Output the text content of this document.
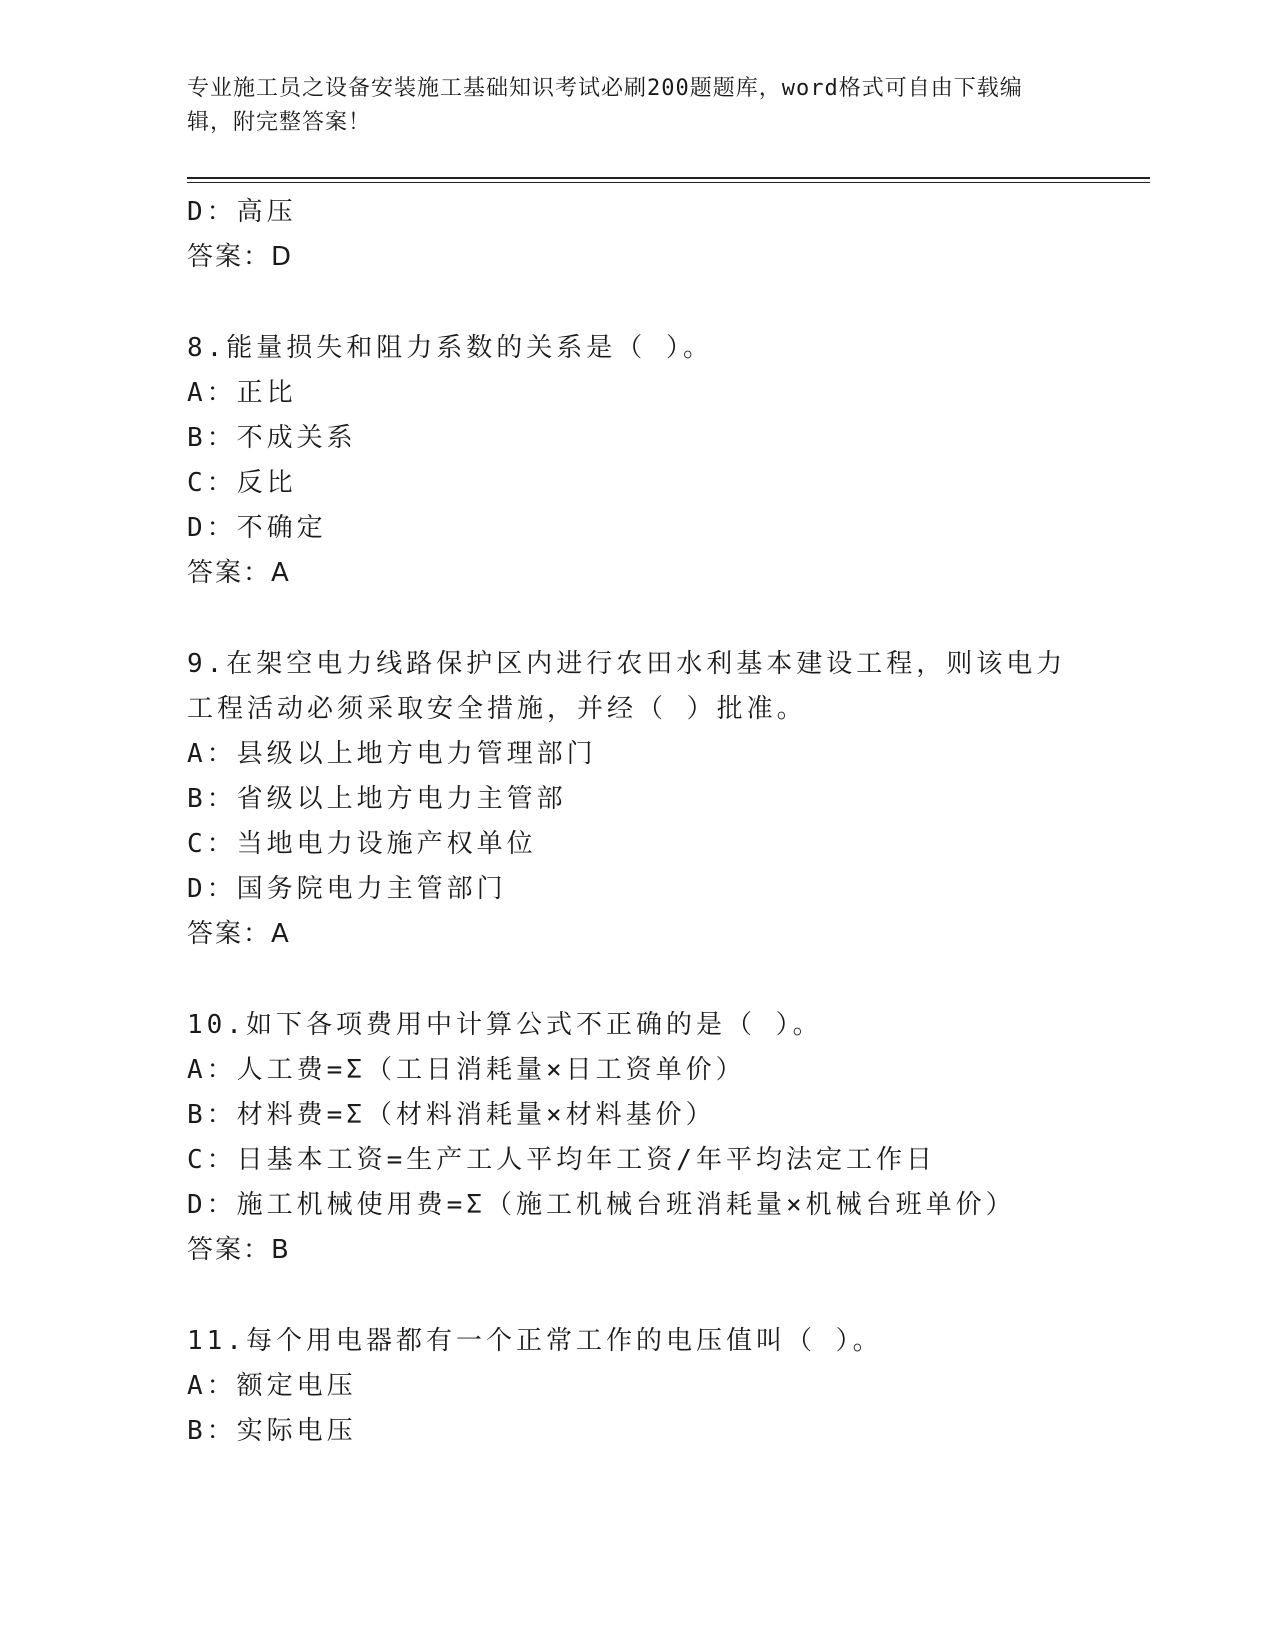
专业施工员之设备安装施工基础知识考试必刷200题题库，word格式可自由下载编辑，附完整答案！
D：高压
答案：D
8.能量损失和阻力系数的关系是（ ）。
A：正比
B：不成关系
C：反比
D：不确定
答案：A
9.在架空电力线路保护区内进行农田水利基本建设工程，则该电力工程活动必须采取安全措施，并经（ ）批准。
A：县级以上地方电力管理部门
B：省级以上地方电力主管部
C：当地电力设施产权单位
D：国务院电力主管部门
答案：A
10.如下各项费用中计算公式不正确的是（ ）。
A：人工费=Σ（工日消耗量×日工资单价）
B：材料费=Σ（材料消耗量×材料基价）
C：日基本工资=生产工人平均年工资/年平均法定工作日
D：施工机械使用费=Σ（施工机械台班消耗量×机械台班单价）
答案：B
11.每个用电器都有一个正常工作的电压值叫（ ）。
A：额定电压
B：实际电压
